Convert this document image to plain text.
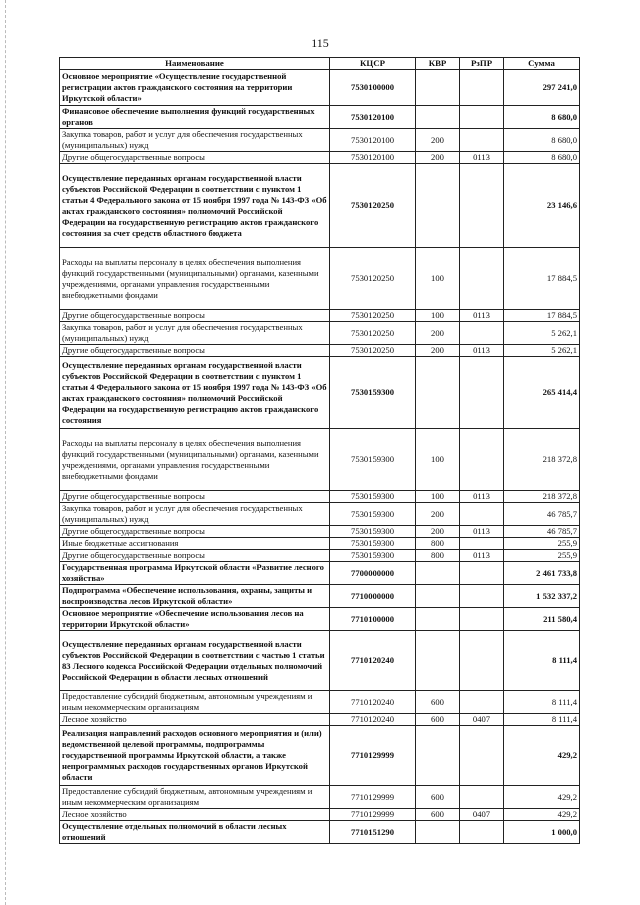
115
Наименование	КЦСР	КВР	РзПР	Сумма
Основное мероприятие «Осуществление государственной регистрации актов гражданского состояния на территории Иркутской области»	7530100000			297 241,0
Финансовое обеспечение выполнения функций государственных органов	7530120100			8 680,0
Закупка товаров, работ и услуг для обеспечения государственных (муниципальных) нужд	7530120100	200		8 680,0
Другие общегосударственные вопросы	7530120100	200	0113	8 680,0
Осуществление переданных органам государственной власти субъектов Российской Федерации в соответствии с пунктом 1 статьи 4 Федерального закона от 15 ноября 1997 года № 143-ФЗ «Об актах гражданского состояния» полномочий Российской Федерации на государственную регистрацию актов гражданского состояния за счет средств областного бюджета	7530120250			23 146,6
Расходы на выплаты персоналу в целях обеспечения выполнения функций государственными (муниципальными) органами, казенными учреждениями, органами управления государственными внебюджетными фондами	7530120250	100		17 884,5
Другие общегосударственные вопросы	7530120250	100	0113	17 884,5
Закупка товаров, работ и услуг для обеспечения государственных (муниципальных) нужд	7530120250	200		5 262,1
Другие общегосударственные вопросы	7530120250	200	0113	5 262,1
Осуществление переданных органам государственной власти субъектов Российской Федерации в соответствии с пунктом 1 статьи 4 Федерального закона от 15 ноября 1997 года № 143-ФЗ «Об актах гражданского состояния» полномочий Российской Федерации на государственную регистрацию актов гражданского состояния	7530159300			265 414,4
Расходы на выплаты персоналу в целях обеспечения выполнения функций государственными (муниципальными) органами, казенными учреждениями, органами управления государственными внебюджетными фондами	7530159300	100		218 372,8
Другие общегосударственные вопросы	7530159300	100	0113	218 372,8
Закупка товаров, работ и услуг для обеспечения государственных (муниципальных) нужд	7530159300	200		46 785,7
Другие общегосударственные вопросы	7530159300	200	0113	46 785,7
Иные бюджетные ассигнования	7530159300	800		255,9
Другие общегосударственные вопросы	7530159300	800	0113	255,9
Государственная программа Иркутской области «Развитие лесного хозяйства»	7700000000			2 461 733,8
Подпрограмма «Обеспечение использования, охраны, защиты и воспроизводства лесов Иркутской области»	7710000000			1 532 337,2
Основное мероприятие «Обеспечение использования лесов на территории Иркутской области»	7710100000			211 580,4
Осуществление переданных органам государственной власти субъектов Российской Федерации в соответствии с частью 1 статьи 83 Лесного кодекса Российской Федерации отдельных полномочий Российской Федерации в области лесных отношений	7710120240			8 111,4
Предоставление субсидий бюджетным, автономным учреждениям и иным некоммерческим организациям	7710120240	600		8 111,4
Лесное хозяйство	7710120240	600	0407	8 111,4
Реализация направлений расходов основного мероприятия и (или) ведомственной целевой программы, подпрограммы государственной программы Иркутской области, а также непрограммных расходов государственных органов Иркутской области	7710129999			429,2
Предоставление субсидий бюджетным, автономным учреждениям и иным некоммерческим организациям	7710129999	600		429,2
Лесное хозяйство	7710129999	600	0407	429,2
Осуществление отдельных полномочий в области лесных отношений	7710151290			1 000,0
